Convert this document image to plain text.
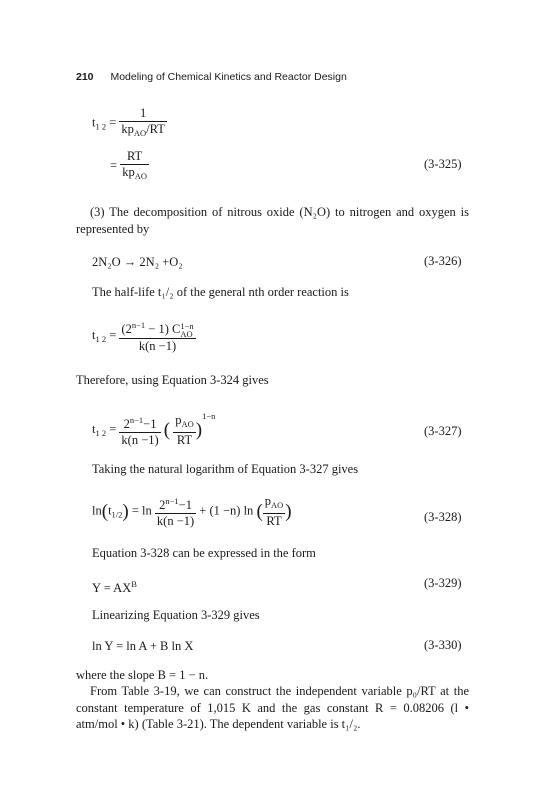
210 Modeling of Chemical Kinetics and Reactor Design
$t_{1 2} = \frac{1}{kp_{AO}/RT}$
= $\frac{RT}{kp_{AO}}$	(3-325)
(3) The decomposition of nitrous oxide (N₂O) to nitrogen and oxygen is represented by
2N₂O → 2N₂ +O₂	(3-326)
The half-life t₁/₂ of the general nth order reaction is
$t_{1 2} = (2^{n-1} - 1)$ C 1−n
AO
k(n −1)
Therefore, using Equation 3-324 gives
$t_{1 2} = \frac{2^{n-1}-1}{k(n -1)}$ ( $\frac{p_{AO}}{RT} )^{1-n}$
(3-327)
Taking the natural logarithm of Equation 3-327 gives
$\ln(t_{1/2}) = \ln \frac{2^{n-1}-1}{k(n -1)} + (1 -n)$ ln ( $\frac{p_{AO}}{RT}$ )	(3-328)
Equation 3-328 can be expressed in the form
$Y = AX^B$	(3-329)
Linearizing Equation 3-329 gives
ln Y = ln A + B ln X	(3-330)
where the slope B = 1 − n.
From Table 3-19, we can construct the independent variable p₀/RT at the constant temperature of 1,015 K and the gas constant R = 0.08206 (l • atm/mol • k) (Table 3-21). The dependent variable is t₁/₂.
